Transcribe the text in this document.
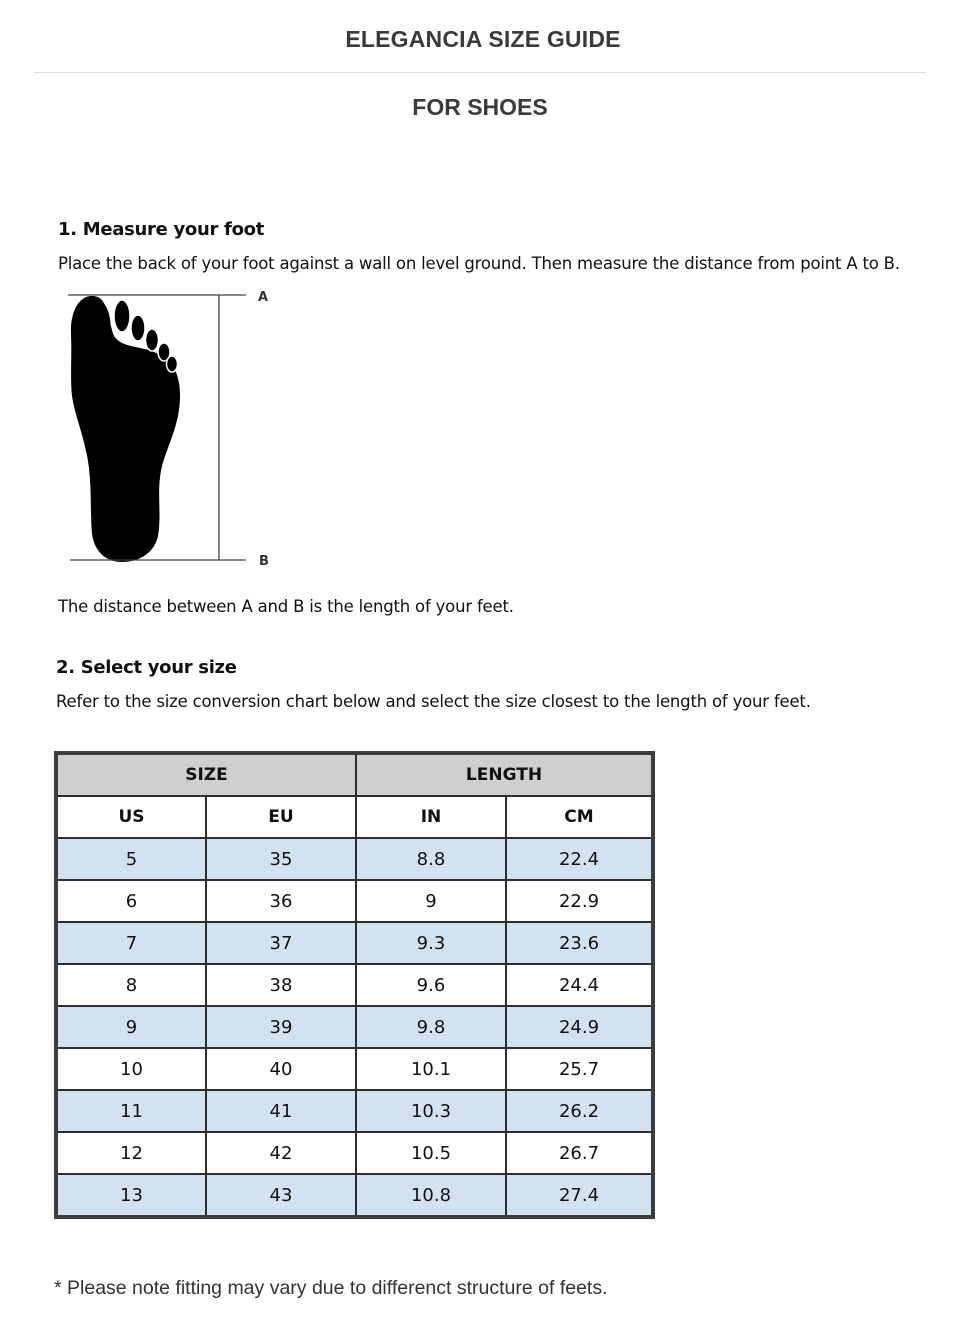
ELEGANCIA SIZE GUIDE
FOR SHOES
1. Measure your foot
Place the back of your foot against a wall on level ground. Then measure the distance from point A to B.
A
B
The distance between A and B is the length of your feet.
2. Select your size
Refer to the size conversion chart below and select the size closest to the length of your feet.
SIZE		LENGTH	
US	EU	IN	CM
5	35	8.8	22.4
6	36	9	22.9
7	37	9.3	23.6
8	38	9.6	24.4
9	39	9.8	24.9
10	40	10.1	25.7
11	41	10.3	26.2
12	42	10.5	26.7
13	43	10.8	27.4
* Please note fitting may vary due to differenct structure of feets.
